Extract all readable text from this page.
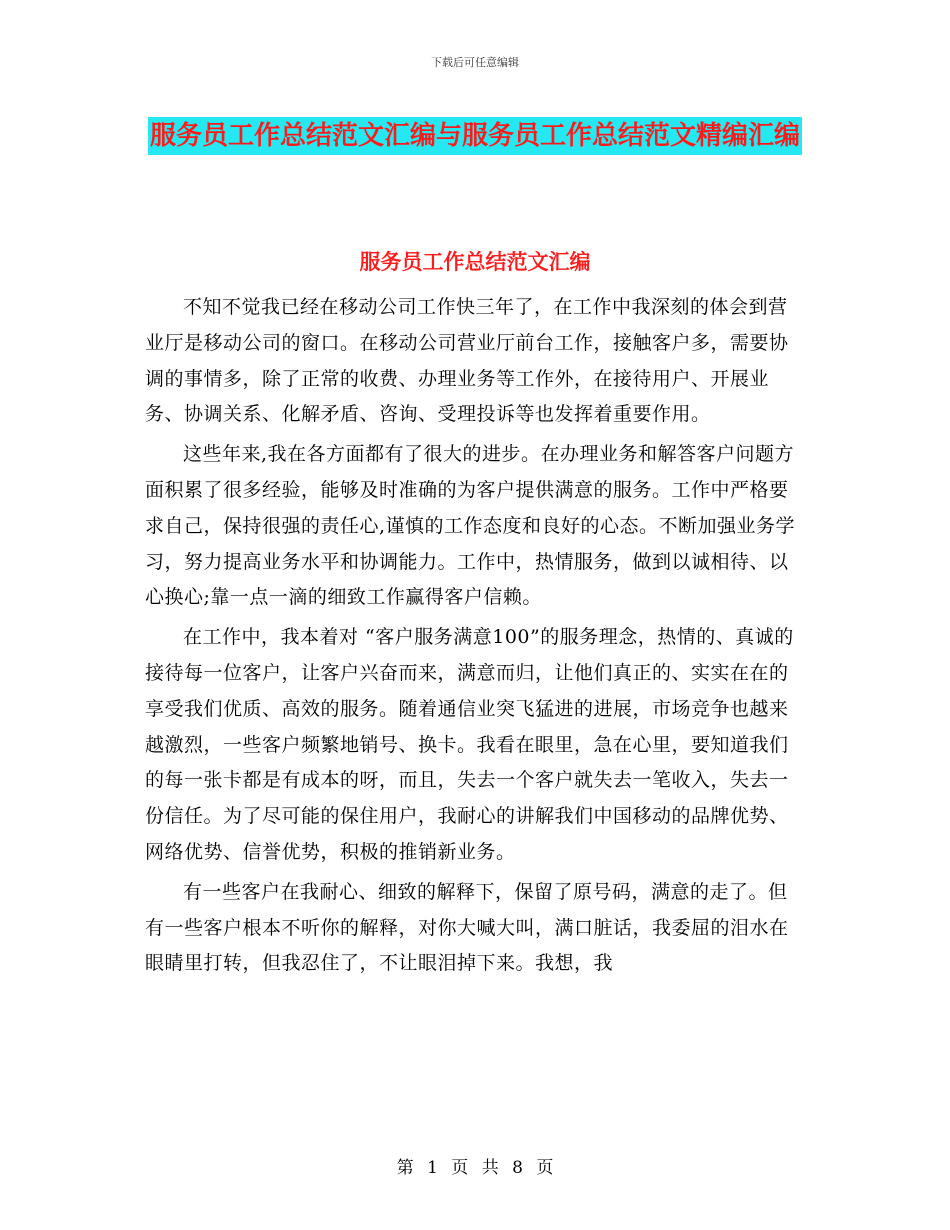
下载后可任意编辑
服务员工作总结范文汇编与服务员工作总结范文精编汇编
服务员工作总结范文汇编

不知不觉我已经在移动公司工作快三年了，在工作中我深刻的体会到营业厅是移动公司的窗口。在移动公司营业厅前台工作，接触客户多，需要协调的事情多，除了正常的收费、办理业务等工作外，在接待用户、开展业务、协调关系、化解矛盾、咨询、受理投诉等也发挥着重要作用。

这些年来,我在各方面都有了很大的进步。在办理业务和解答客户问题方面积累了很多经验，能够及时准确的为客户提供满意的服务。工作中严格要求自己，保持很强的责任心,谨慎的工作态度和良好的心态。不断加强业务学习，努力提高业务水平和协调能力。工作中，热情服务，做到以诚相待、以心换心;靠一点一滴的细致工作赢得客户信赖。

在工作中，我本着对 “客户服务满意100”的服务理念，热情的、真诚的接待每一位客户，让客户兴奋而来，满意而归，让他们真正的、实实在在的享受我们优质、高效的服务。随着通信业突飞猛进的进展，市场竞争也越来越激烈，一些客户频繁地销号、换卡。我看在眼里，急在心里，要知道我们的每一张卡都是有成本的呀，而且，失去一个客户就失去一笔收入，失去一份信任。为了尽可能的保住用户，我耐心的讲解我们中国移动的品牌优势、网络优势、信誉优势，积极的推销新业务。

有一些客户在我耐心、细致的解释下，保留了原号码，满意的走了。但有一些客户根本不听你的解释，对你大喊大叫，满口脏话，我委屈的泪水在眼睛里打转，但我忍住了，不让眼泪掉下来。我想，我

第 1 页 共 8 页
